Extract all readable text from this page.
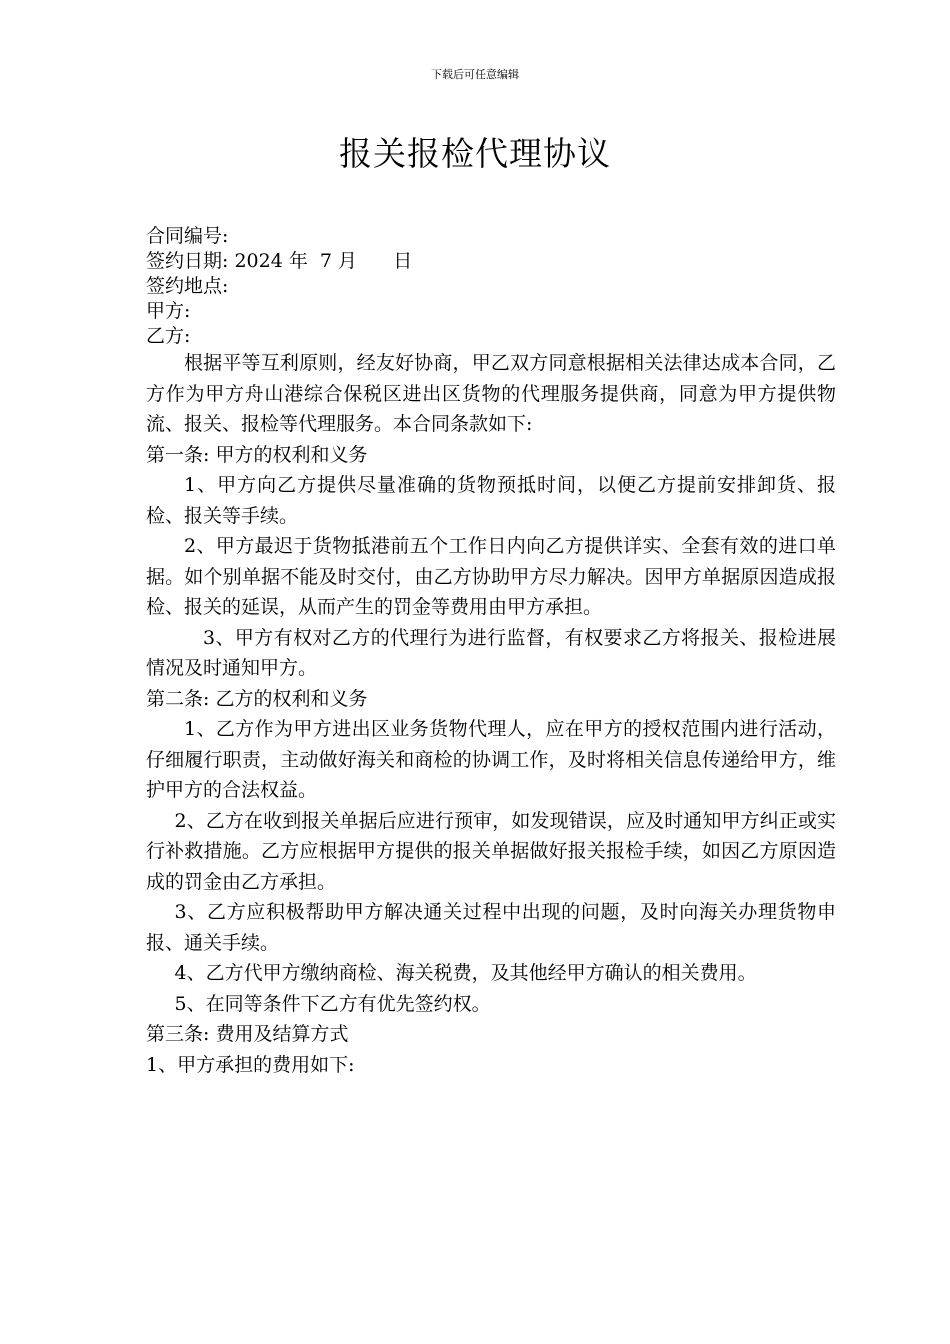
下载后可任意编辑
报关报检代理协议
合同编号:
签约日期: 2024 年  7 月      日
签约地点:
甲方:
乙方:

根据平等互利原则，经友好协商，甲乙双方同意根据相关法律达成本合同，乙方作为甲方舟山港综合保税区进出区货物的代理服务提供商，同意为甲方提供物流、报关、报检等代理服务。本合同条款如下:

第一条: 甲方的权利和义务

1、甲方向乙方提供尽量准确的货物预抵时间，以便乙方提前安排卸货、报检、报关等手续。

2、甲方最迟于货物抵港前五个工作日内向乙方提供详实、全套有效的进口单据。如个别单据不能及时交付，由乙方协助甲方尽力解决。因甲方单据原因造成报检、报关的延误，从而产生的罚金等费用由甲方承担。

3、甲方有权对乙方的代理行为进行监督，有权要求乙方将报关、报检进展情况及时通知甲方。

第二条: 乙方的权利和义务

1、乙方作为甲方进出区业务货物代理人，应在甲方的授权范围内进行活动，仔细履行职责，主动做好海关和商检的协调工作，及时将相关信息传递给甲方，维护甲方的合法权益。

2、乙方在收到报关单据后应进行预审，如发现错误，应及时通知甲方纠正或实行补救措施。乙方应根据甲方提供的报关单据做好报关报检手续，如因乙方原因造成的罚金由乙方承担。

3、乙方应积极帮助甲方解决通关过程中出现的问题，及时向海关办理货物申报、通关手续。

4、乙方代甲方缴纳商检、海关税费，及其他经甲方确认的相关费用。

5、在同等条件下乙方有优先签约权。

第三条: 费用及结算方式

1、甲方承担的费用如下:
